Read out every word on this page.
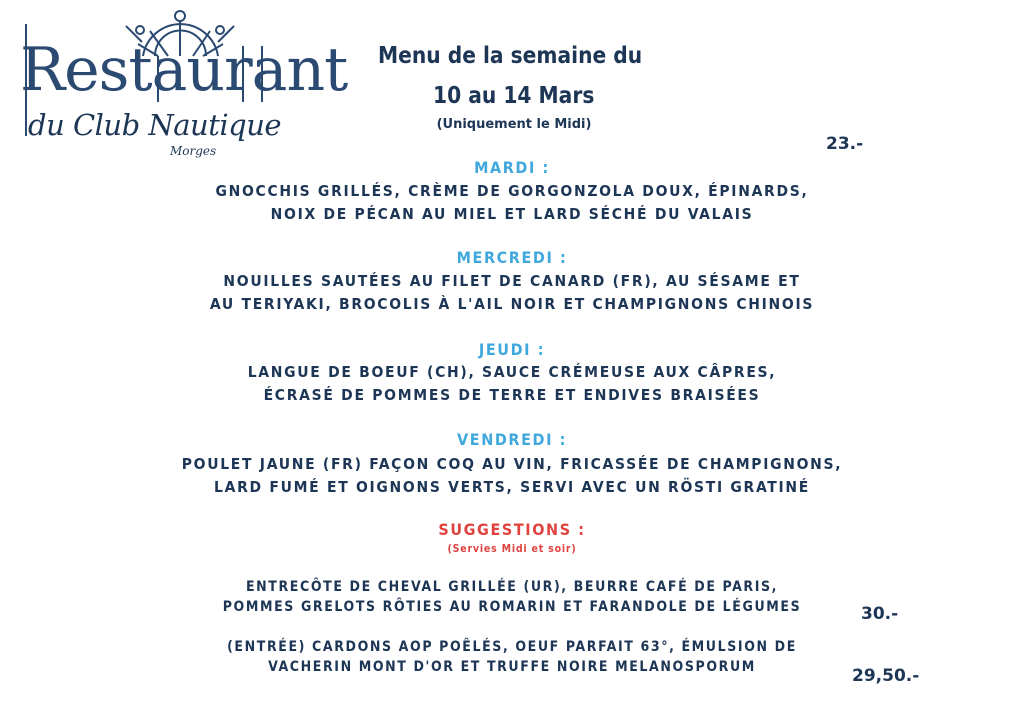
Restaurant
du Club Nautique
Morges
Menu de la semaine du
10 au 14 Mars
(Uniquement le Midi)
23.-
MARDI :
GNOCCHIS GRILLÉS, CRÈME DE GORGONZOLA DOUX, ÉPINARDS,
NOIX DE PÉCAN AU MIEL ET LARD SÉCHÉ DU VALAIS
MERCREDI :
NOUILLES SAUTÉES AU FILET DE CANARD (FR), AU SÉSAME ET
AU TERIYAKI, BROCOLIS À L'AIL NOIR ET CHAMPIGNONS CHINOIS
JEUDI :
LANGUE DE BOEUF (CH), SAUCE CRÉMEUSE AUX CÂPRES,
ÉCRASÉ DE POMMES DE TERRE ET ENDIVES BRAISÉES
VENDREDI :
POULET JAUNE (FR) FAÇON COQ AU VIN, FRICASSÉE DE CHAMPIGNONS,
LARD FUMÉ ET OIGNONS VERTS, SERVI AVEC UN RÖSTI GRATINÉ
SUGGESTIONS :
(Servies Midi et soir)
ENTRECÔTE DE CHEVAL GRILLÉE (UR), BEURRE CAFÉ DE PARIS,
POMMES GRELOTS RÔTIES AU ROMARIN ET FARANDOLE DE LÉGUMES	30.-
(ENTRÉE) CARDONS AOP POÊLÉS, OEUF PARFAIT 63°, ÉMULSION DE
VACHERIN MONT D'OR ET TRUFFE NOIRE MELANOSPORUM	29,50.-
